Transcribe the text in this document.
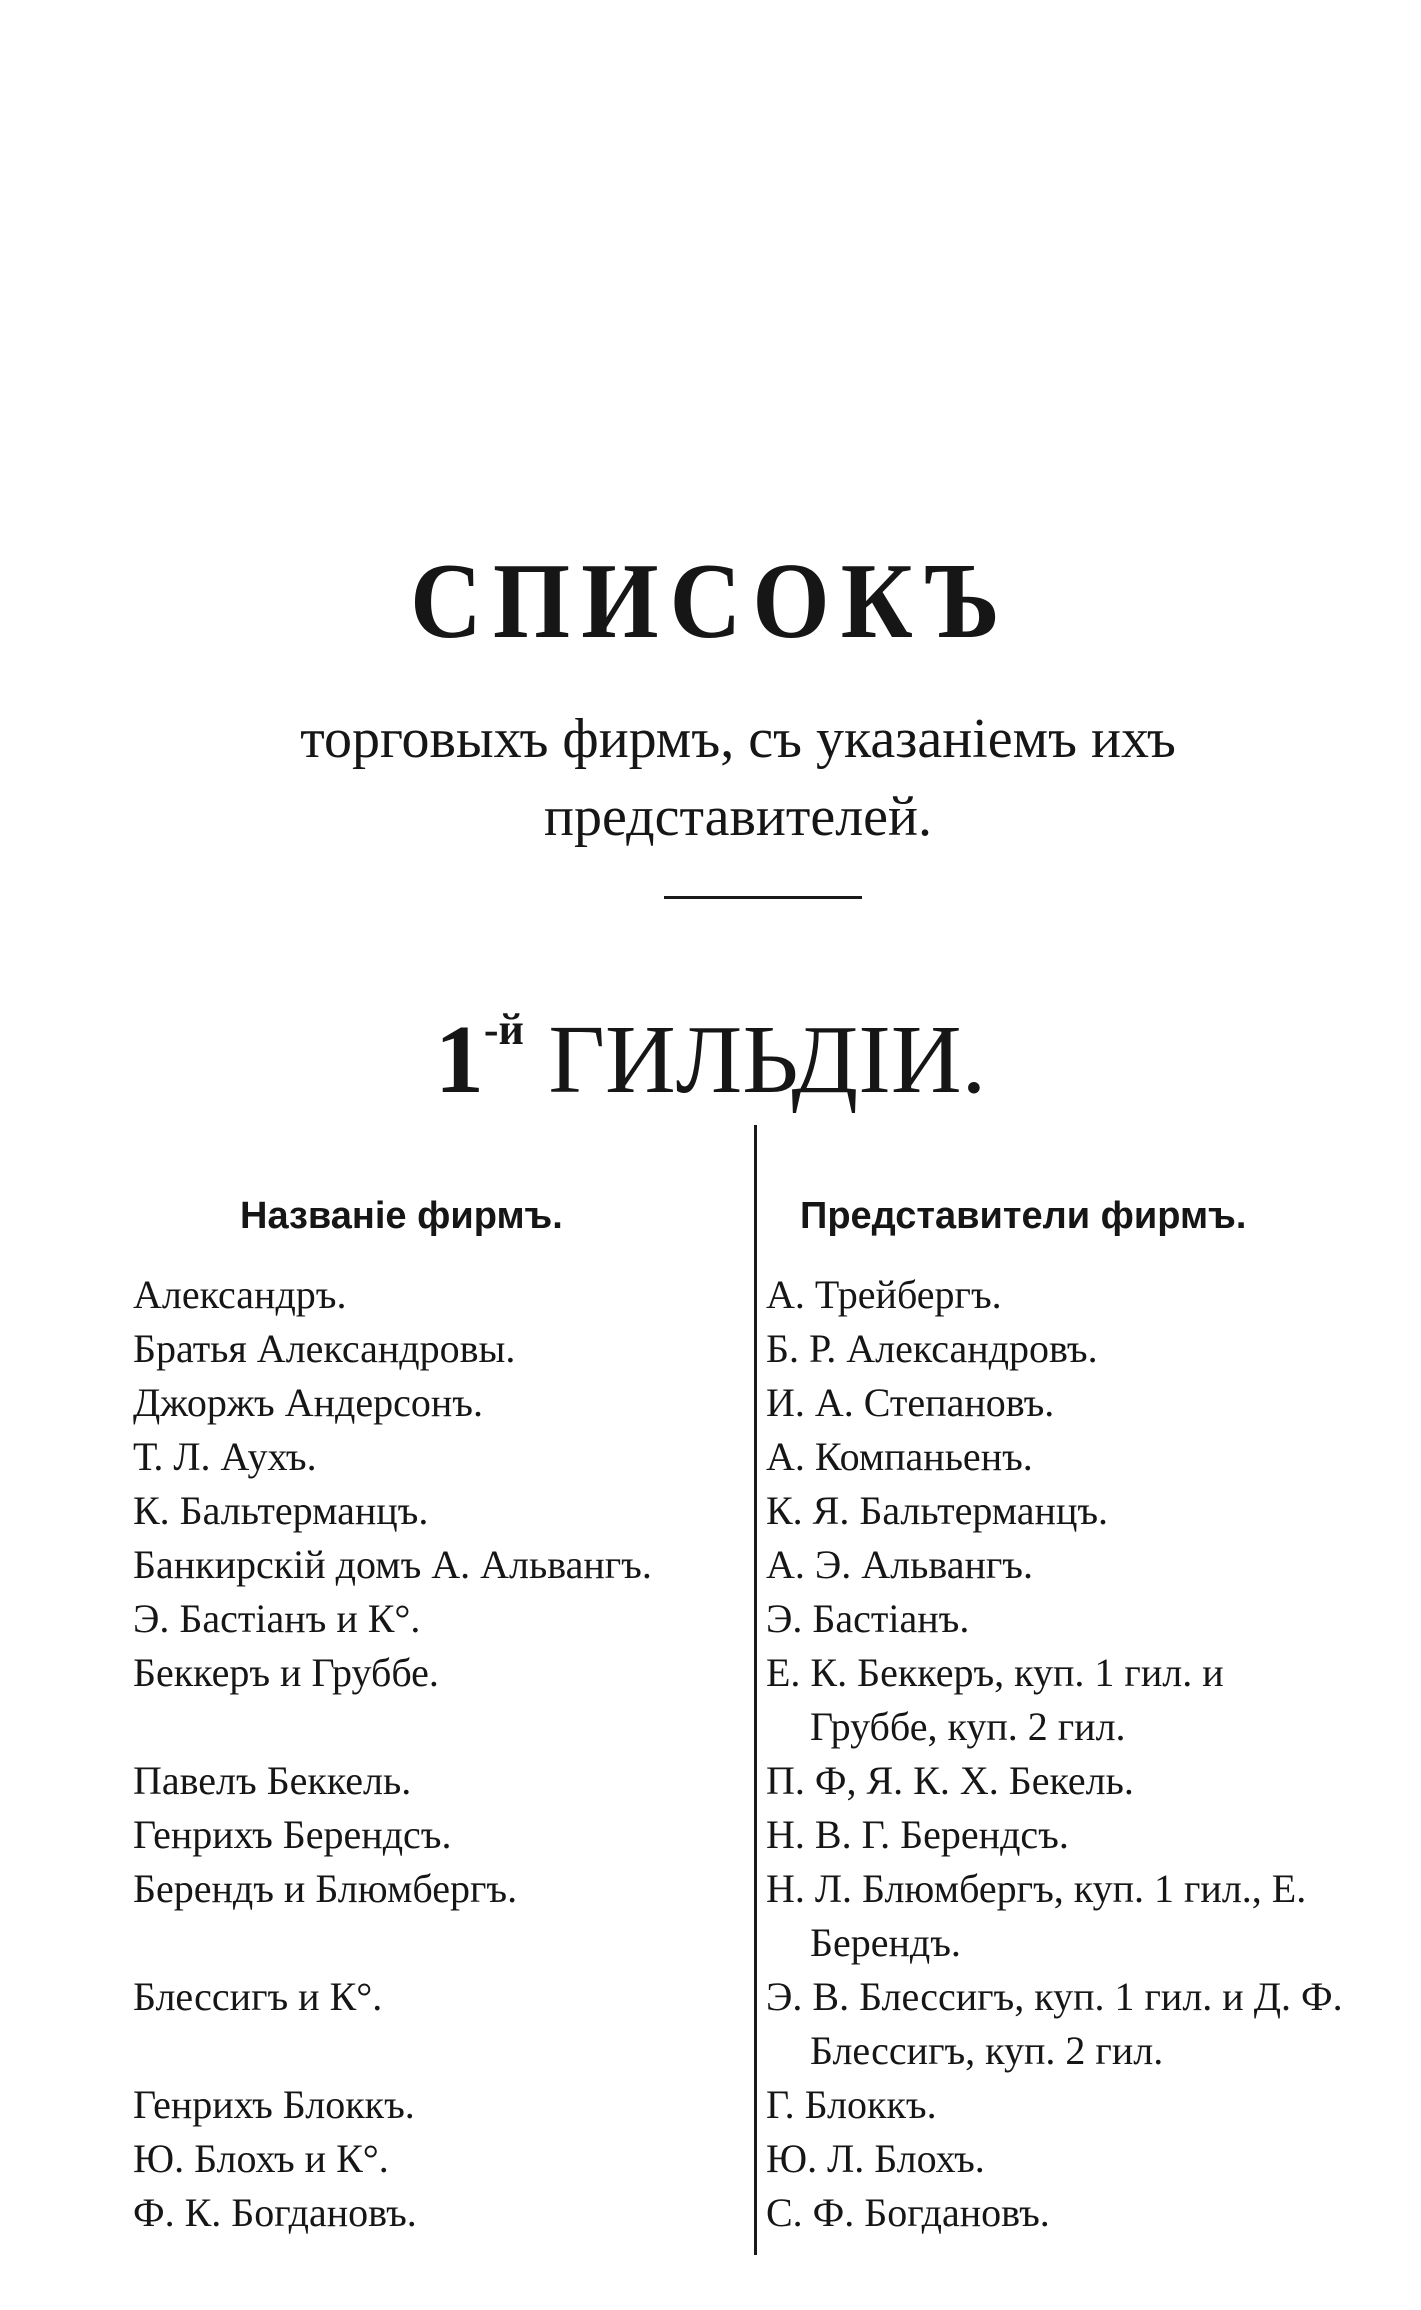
СПИСОКЪ
торговыхъ фирмъ, съ указаніемъ ихъ представителей.
$1^{-й}$ ГИЛЬДІИ.
Названіе фирмъ.	Представители фирмъ.
Александръ.
Братья Александровы.
Джоржъ Андерсонъ.
Т. Л. Аухъ.
К. Бальтерманцъ.
Банкирскій домъ А. Альвангъ.
Э. Бастіанъ и К°.
Беккеръ и Груббе.
Павелъ Беккель.
Генрихъ Берендсъ.
Берендъ и Блюмбергъ.
Блессигъ и К°.
Генрихъ Блоккъ.
Ю. Блохъ и К°.
Ф. К. Богдановъ.
А. Трейбергъ.
Б. Р. Александровъ.
И. А. Степановъ.
А. Компаньенъ.
К. Я. Бальтерманцъ.
А. Э. Альвангъ.
Э. Бастіанъ.
Е. К. Беккеръ, куп. 1 гил. и
Груббе, куп. 2 гил.
П. Ф, Я. К. Х. Бекель.
Н. В. Г. Берендсъ.
Н. Л. Блюмбергъ, куп. 1 гил., Е.
Берендъ.
Э. В. Блессигъ, куп. 1 гил. и Д. Ф.
Блессигъ, куп. 2 гил.
Г. Блоккъ.
Ю. Л. Блохъ.
С. Ф. Богдановъ.
